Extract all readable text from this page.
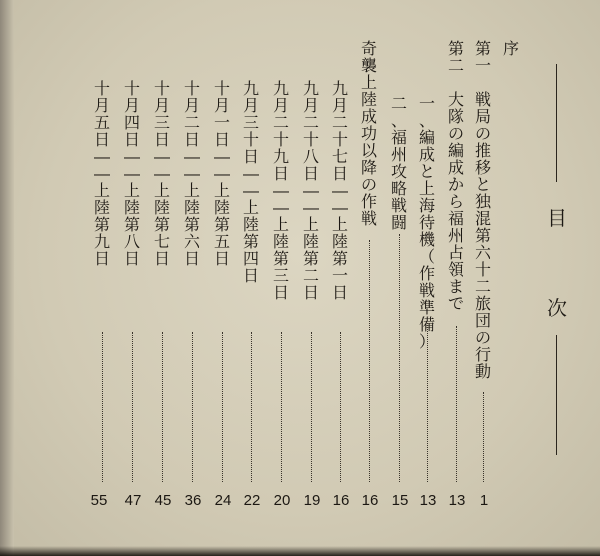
目
次
序
第
一

戦
局
の
推
移
と
独
混
第
六
十
二
旅
団
の
行
動
1
第
二

大
隊
の
編
成
か
ら
福
州
占
領
ま
で
13
一
、
編
成
と
上
海
待
機
（
作
戦
準
備
）
13
二
、
福
州
攻
略
戦
闘
15
奇
襲
上
陸
成
功
以
降
の
作
戦
16
九
月
二
十
七
日
―
―
上
陸
第
一
日
16
九
月
二
十
八
日
―
―
上
陸
第
二
日
19
九
月
二
十
九
日
―
―
上
陸
第
三
日
20
九
月
三
十
日
―
―
上
陸
第
四
日
22
十
月
一
日
―
―
上
陸
第
五
日
24
十
月
二
日
―
―
上
陸
第
六
日
36
十
月
三
日
―
―
上
陸
第
七
日
45
十
月
四
日
―
―
上
陸
第
八
日
47
十
月
五
日
―
―
上
陸
第
九
日
55
